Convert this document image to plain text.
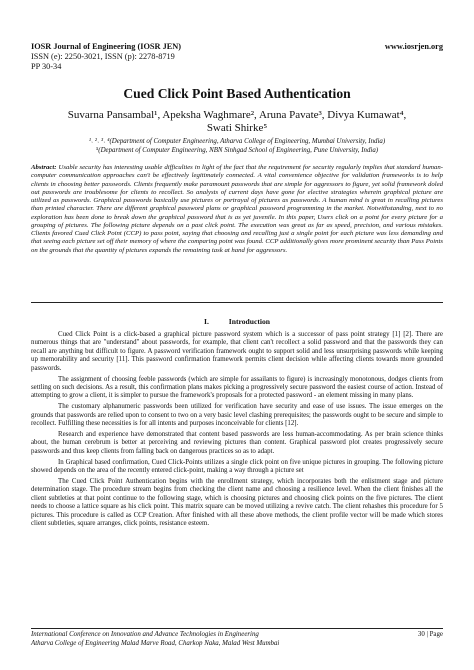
IOSR Journal of Engineering (IOSR JEN)	www.iosrjen.org
ISSN (e): 2250-3021, ISSN (p): 2278-8719
PP 30-34
Cued Click Point Based Authentication
Suvarna Pansambal¹, Apeksha Waghmare², Aruna Pavate³, Divya Kumawat⁴, Swati Shirke⁵
¹˒ ²˒ ³˒ ⁴(Department of Computer Engineering, Atharva College of Engineering, Mumbai University, India)
⁵(Department of Computer Engineering, NBN Sinhgad School of Engineering, Pune University, India)
Abstract: Usable security has interesting usable difficulties in light of the fact that the requirement for security regularly implies that standard human-computer communication approaches can't be effectively legitimately connected. A vital convenience objective for validation frameworks is to help clients in choosing better passwords. Clients frequently make paramount passwords that are simple for aggressors to figure, yet solid framework doled out passwords are troublesome for clients to recollect. So analysts of current days have gone for elective strategies wherein graphical picture are utilized as passwords. Graphical passwords basically use pictures or portrayal of pictures as passwords. A human mind is great in recalling pictures than printed character. There are different graphical password plans or graphical password programming in the market. Notwithstanding, next to no exploration has been done to break down the graphical password that is as yet juvenile. In this paper, Users click on a point for every picture for a grouping of pictures. The following picture depends on a past click point. The execution was great as far as speed, precision, and various mistakes. Clients favored Cued Click Point (CCP) to pass point, saying that choosing and recalling just a single point for each picture was less demanding and that seeing each picture set off their memory of where the comparing point was found. CCP additionally gives more prominent security than Pass Points on the grounds that the quantity of pictures expands the remaining task at hand for aggressors.
I.	Introduction

Cued Click Point is a click-based a graphical picture password system which is a successor of pass point strategy [1] [2]. There are numerous things that are "understand" about passwords, for example, that client can't recollect a solid password and that the passwords they can recall are anything but difficult to figure. A password verification framework ought to support solid and less unsurprising passwords while keeping up memorability and security [11]. This password confirmation framework permits client decision while affecting clients towards more grounded passwords.

The assignment of choosing feeble passwords (which are simple for assailants to figure) is increasingly monotonous, dodges clients from settling on such decisions. As a result, this confirmation plans makes picking a progressively secure password the easiest course of action. Instead of attempting to grow a client, it is simpler to pursue the framework's proposals for a protected password - an element missing in many plans.

The customary alphanumeric passwords been utilized for verification have security and ease of use issues. The issue emerges on the grounds that passwords are relied upon to consent to two on a very basic level clashing prerequisites; the passwords ought to be secure and simple to recollect. Fulfilling these necessities is for all intents and purposes inconceivable for clients [12].

Research and experience have demonstrated that content based passwords are less human-accommodating. As per brain science thinks about, the human cerebrum is better at perceiving and reviewing pictures than content. Graphical password plot creates progressively secure passwords and thus keep clients from falling back on dangerous practices so as to adapt.

In Graphical based confirmation, Cued Click-Points utilizes a single click point on five unique pictures in grouping. The following picture showed depends on the area of the recently entered click-point, making a way through a picture set

The Cued Click Point Authentication begins with the enrollment strategy, which incorporates both the enlistment stage and picture determination stage. The procedure stream begins from checking the client name and choosing a resilience level. When the client finishes all the client subtleties at that point continue to the following stage, which is choosing pictures and choosing click points on the five pictures. The client needs to choose a lattice square as his click point. This matrix square can be moved utilizing a revive catch. The client rehashes this procedure for 5 pictures. This procedure is called as CCP Creation. After finished with all these above methods, the client profile vector will be made which stores client subtleties, square arranges, click points, resistance esteem.

International Conference on Innovation and Advance Technologies in Engineering
Atharva College of Engineering Malad Marve Road, Charkop Naka, Malad West Mumbai
30 | Page
